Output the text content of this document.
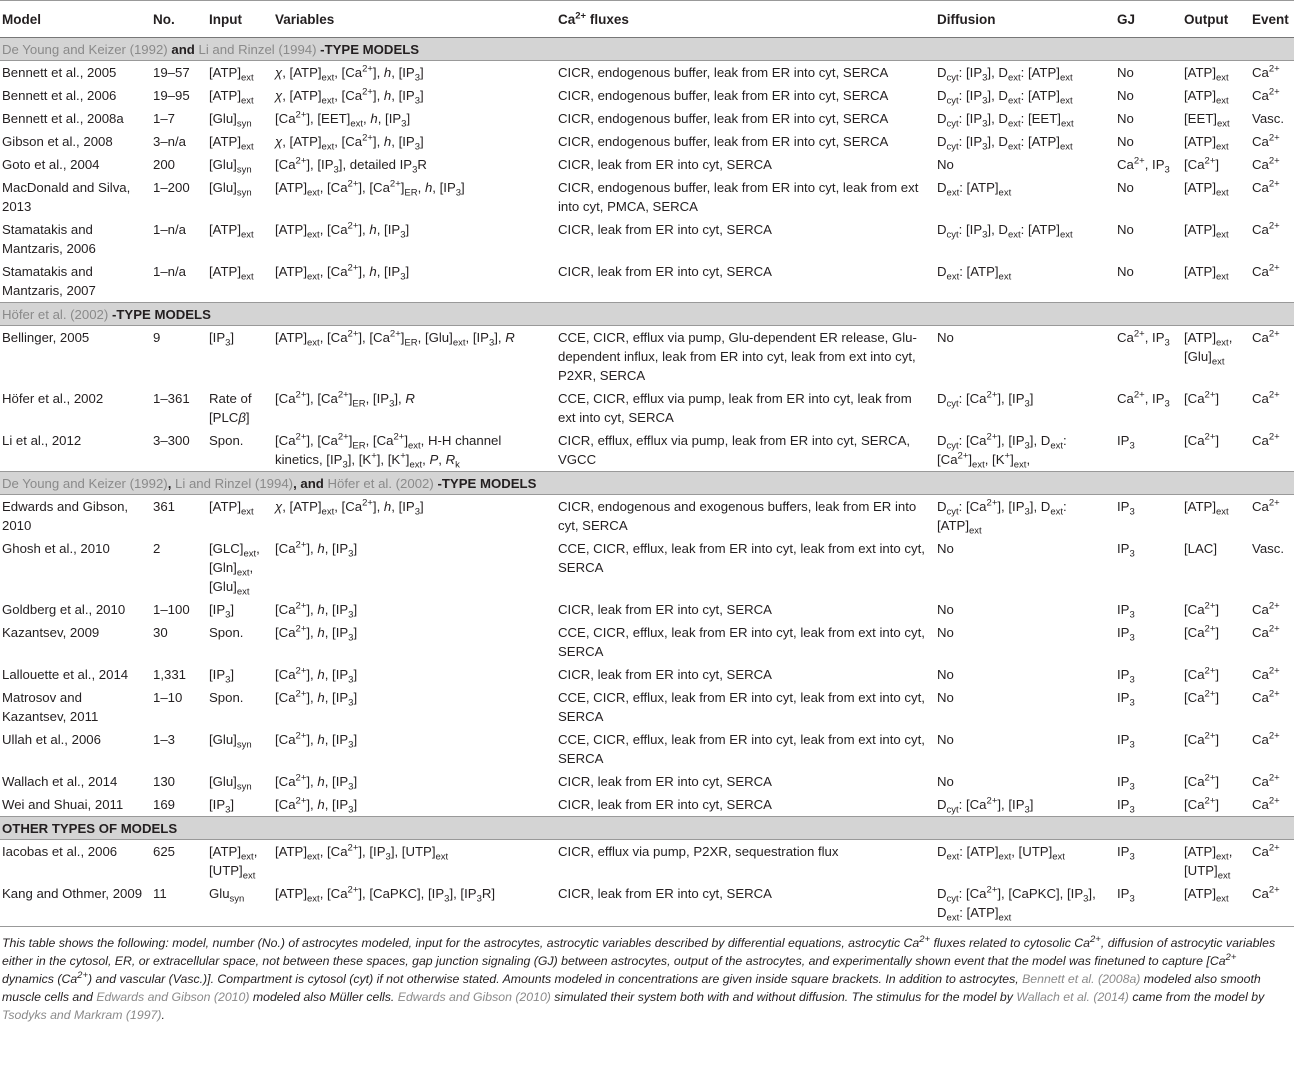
Model	No.	Input	Variables	$Ca^{2+}$ fluxes	Diffusion	GJ	Output	Event
De Young and Keizer (1992) and Li and Rinzel (1994) -TYPE MODELS								
Bennett et al., 2005	19–57	$[ATP]_{ext}$	χ, $[ATP]_{ext}$, $[Ca^{2+}]$, h, $[IP_3]$	CICR, endogenous buffer, leak from ER into cyt, SERCA	$D_{cyt}$: $[IP_3]$, $D_{ext}$: $[ATP]_{ext}$	No	$[ATP]_{ext}$	$Ca^{2+}$
Bennett et al., 2006	19–95	$[ATP]_{ext}$	χ, $[ATP]_{ext}$, $[Ca^{2+}]$, h, $[IP_3]$	CICR, endogenous buffer, leak from ER into cyt, SERCA	$D_{cyt}$: $[IP_3]$, $D_{ext}$: $[ATP]_{ext}$	No	$[ATP]_{ext}$	$Ca^{2+}$
Bennett et al., 2008a	1–7	$[Glu]_{syn}$	$[Ca^{2+}]$, $[EET]_{ext}$, h, $[IP_3]$	CICR, endogenous buffer, leak from ER into cyt, SERCA	$D_{cyt}$: $[IP_3]$, $D_{ext}$: $[EET]_{ext}$	No	$[EET]_{ext}$	Vasc.
Gibson et al., 2008	3–n/a	$[ATP]_{ext}$	χ, $[ATP]_{ext}$, $[Ca^{2+}]$, h, $[IP_3]$	CICR, endogenous buffer, leak from ER into cyt, SERCA	$D_{cyt}$: $[IP_3]$, $D_{ext}$: $[ATP]_{ext}$	No	$[ATP]_{ext}$	$Ca^{2+}$
Goto et al., 2004	200	$[Glu]_{syn}$	$[Ca^{2+}]$, $[IP_3]$, detailed $IP_3R$	CICR, leak from ER into cyt, SERCA	No	$Ca^{2+}$, $IP_3$	$[Ca^{2+}]$	$Ca^{2+}$
MacDonald and Silva, 2013	1–200	$[Glu]_{syn}$	$[ATP]_{ext}$, $[Ca^{2+}]$, $[Ca^{2+}]_{ER}$, h, $[IP_3]$	CICR, endogenous buffer, leak from ER into cyt, leak from ext into cyt, PMCA, SERCA	$D_{ext}$: $[ATP]_{ext}$	No	$[ATP]_{ext}$	$Ca^{2+}$
Stamatakis and Mantzaris, 2006	1–n/a	$[ATP]_{ext}$	$[ATP]_{ext}$, $[Ca^{2+}]$, h, $[IP_3]$	CICR, leak from ER into cyt, SERCA	$D_{cyt}$: $[IP_3]$, $D_{ext}$: $[ATP]_{ext}$	No	$[ATP]_{ext}$	$Ca^{2+}$
Stamatakis and Mantzaris, 2007	1–n/a	$[ATP]_{ext}$	$[ATP]_{ext}$, $[Ca^{2+}]$, h, $[IP_3]$	CICR, leak from ER into cyt, SERCA	$D_{ext}$: $[ATP]_{ext}$	No	$[ATP]_{ext}$	$Ca^{2+}$
Höfer et al. (2002) -TYPE MODELS								
Bellinger, 2005	9	$[IP_3]$	$[ATP]_{ext}$, $[Ca^{2+}]$, $[Ca^{2+}]_{ER}$, $[Glu]_{ext}$, $[IP_3]$, R	CCE, CICR, efflux via pump, Glu-dependent ER release, Glu-dependent influx, leak from ER into cyt, leak from ext into cyt, P2XR, SERCA	No	$Ca^{2+}$, $IP_3$	$[ATP]_{ext}$, $[Glu]_{ext}$	$Ca^{2+}$
Höfer et al., 2002	1–361	Rate of [PLCβ]	$[Ca^{2+}]$, $[Ca^{2+}]_{ER}$, $[IP_3]$, R	CCE, CICR, efflux via pump, leak from ER into cyt, leak from ext into cyt, SERCA	$D_{cyt}$: $[Ca^{2+}]$, $[IP_3]$	$Ca^{2+}$, $IP_3$	$[Ca^{2+}]$	$Ca^{2+}$
Li et al., 2012	3–300	Spon.	$[Ca^{2+}]$, $[Ca^{2+}]_{ER}$, $[Ca^{2+}]_{ext}$, H-H channel kinetics, $[IP_3]$, [K+], $[K^+]_{ext}$, P, $R_k$	CICR, efflux, efflux via pump, leak from ER into cyt, SERCA, VGCC	$D_{cyt}$: $[Ca^{2+}]$, $[IP_3]$, $D_{ext}$: $[Ca^{2+}]_{ext}$, $[K^+]_{ext}$,	$IP_3$	$[Ca^{2+}]$	$Ca^{2+}$
De Young and Keizer (1992), Li and Rinzel (1994), and Höfer et al. (2002) -TYPE MODELS								
Edwards and Gibson, 2010	361	$[ATP]_{ext}$	χ, $[ATP]_{ext}$, $[Ca^{2+}]$, h, $[IP_3]$	CICR, endogenous and exogenous buffers, leak from ER into cyt, SERCA	$D_{cyt}$: $[Ca^{2+}]$, $[IP_3]$, $D_{ext}$: $[ATP]_{ext}$	$IP_3$	$[ATP]_{ext}$	$Ca^{2+}$
Ghosh et al., 2010	2	$[GLC]_{ext}$, $[Gln]_{ext}$, $[Glu]_{ext}$	$[Ca^{2+}]$, h, $[IP_3]$	CCE, CICR, efflux, leak from ER into cyt, leak from ext into cyt, SERCA	No	$IP_3$	[LAC]	Vasc.
Goldberg et al., 2010	1–100	$[IP_3]$	$[Ca^{2+}]$, h, $[IP_3]$	CICR, leak from ER into cyt, SERCA	No	$IP_3$	$[Ca^{2+}]$	$Ca^{2+}$
Kazantsev, 2009	30	Spon.	$[Ca^{2+}]$, h, $[IP_3]$	CCE, CICR, efflux, leak from ER into cyt, leak from ext into cyt, SERCA	No	$IP_3$	$[Ca^{2+}]$	$Ca^{2+}$
Lallouette et al., 2014	1,331	$[IP_3]$	$[Ca^{2+}]$, h, $[IP_3]$	CICR, leak from ER into cyt, SERCA	No	$IP_3$	$[Ca^{2+}]$	$Ca^{2+}$
Matrosov and Kazantsev, 2011	1–10	Spon.	$[Ca^{2+}]$, h, $[IP_3]$	CCE, CICR, efflux, leak from ER into cyt, leak from ext into cyt, SERCA	No	$IP_3$	$[Ca^{2+}]$	$Ca^{2+}$
Ullah et al., 2006	1–3	$[Glu]_{syn}$	$[Ca^{2+}]$, h, $[IP_3]$	CCE, CICR, efflux, leak from ER into cyt, leak from ext into cyt, SERCA	No	$IP_3$	$[Ca^{2+}]$	$Ca^{2+}$
Wallach et al., 2014	130	$[Glu]_{syn}$	$[Ca^{2+}]$, h, $[IP_3]$	CICR, leak from ER into cyt, SERCA	No	$IP_3$	$[Ca^{2+}]$	$Ca^{2+}$
Wei and Shuai, 2011	169	$[IP_3]$	$[Ca^{2+}]$, h, $[IP_3]$	CICR, leak from ER into cyt, SERCA	$D_{cyt}$: $[Ca^{2+}]$, $[IP_3]$	$IP_3$	$[Ca^{2+}]$	$Ca^{2+}$
OTHER TYPES OF MODELS								
Iacobas et al., 2006	625	$[ATP]_{ext}$, $[UTP]_{ext}$	$[ATP]_{ext}$, $[Ca^{2+}]$, $[IP_3]$, $[UTP]_{ext}$	CICR, efflux via pump, P2XR, sequestration flux	$D_{ext}$: $[ATP]_{ext}$, $[UTP]_{ext}$	$IP_3$	$[ATP]_{ext}$, $[UTP]_{ext}$	$Ca^{2+}$
Kang and Othmer, 2009	11	Glu$_{syn}$	$[ATP]_{ext}$, $[Ca^{2+}]$, [CaPKC], $[IP_3]$, $[IP_3R]$	CICR, leak from ER into cyt, SERCA	$D_{cyt}$: $[Ca^{2+}]$, [CaPKC], $[IP_3]$, $D_{ext}$: $[ATP]_{ext}$	$IP_3$	$[ATP]_{ext}$	$Ca^{2+}$
This table shows the following: model, number (No.) of astrocytes modeled, input for the astrocytes, astrocytic variables described by differential equations, astrocytic $Ca^{2+}$ fluxes related to cytosolic $Ca^{2+}$, diffusion of astrocytic variables either in the cytosol, ER, or extracellular space, not between these spaces, gap junction signaling (GJ) between astrocytes, output of the astrocytes, and experimentally shown event that the model was finetuned to capture [$Ca^{2+}$ dynamics $(Ca^{2+})$ and vascular (Vasc.)]. Compartment is cytosol (cyt) if not otherwise stated. Amounts modeled in concentrations are given inside square brackets. In addition to astrocytes, Bennett et al. (2008a) modeled also smooth muscle cells and Edwards and Gibson (2010) modeled also Müller cells. Edwards and Gibson (2010) simulated their system both with and without diffusion. The stimulus for the model by Wallach et al. (2014) came from the model by Tsodyks and Markram (1997).
